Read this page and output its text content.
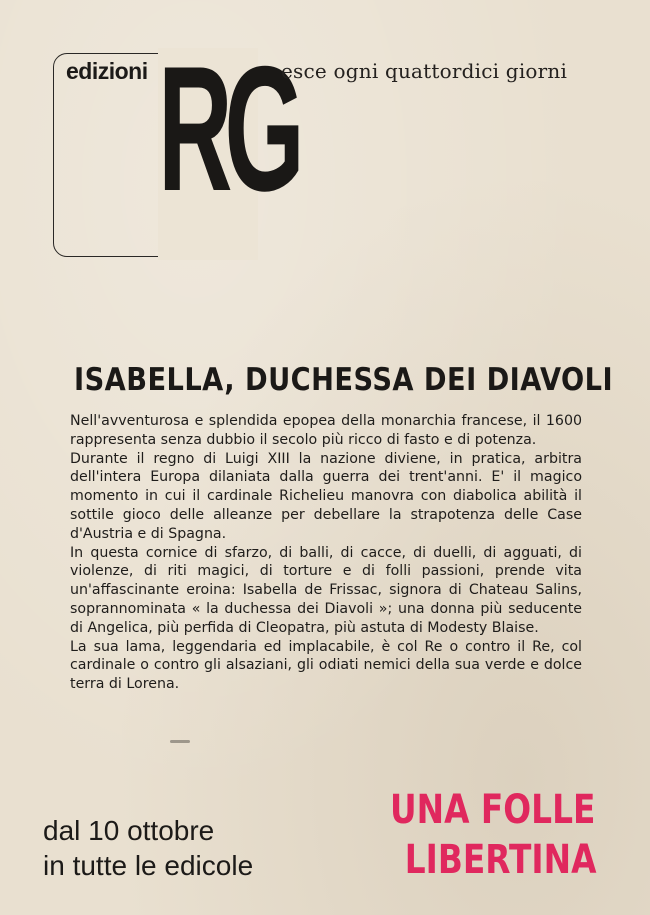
edizioni RG
esce ogni quattordici giorni
ISABELLA, DUCHESSA DEI DIAVOLI

Nell'avventurosa e splendida epopea della monarchia francese, il 1600 rappresenta senza dubbio il secolo più ricco di fasto e di potenza.

Durante il regno di Luigi XIII la nazione diviene, in pratica, arbitra dell'intera Europa dilaniata dalla guerra dei trent'anni. E' il magico momento in cui il cardinale Richelieu manovra con diabolica abilità il sottile gioco delle alleanze per debellare la strapotenza delle Case d'Austria e di Spagna.

In questa cornice di sfarzo, di balli, di cacce, di duelli, di agguati, di violenze, di riti magici, di torture e di folli passioni, prende vita un'affascinante eroina: Isabella de Frissac, signora di Chateau Salins, soprannominata « la duchessa dei Diavoli »; una donna più seducente di Angelica, più perfida di Cleopatra, più astuta di Modesty Blaise.

La sua lama, leggendaria ed implacabile, è col Re o contro il Re, col cardinale o contro gli alsaziani, gli odiati nemici della sua verde e dolce terra di Lorena.

dal 10 ottobre
in tutte le edicole
UNA FOLLE
LIBERTINA
